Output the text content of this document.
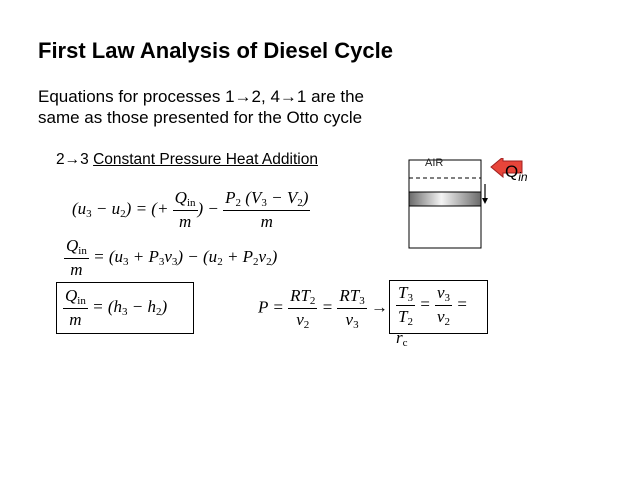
First Law Analysis of Diesel Cycle
Equations for processes 1→2, 4→1 are the
same as those presented for the Otto cycle
2→3 Constant Pressure Heat Addition	AIR	$Q_{in}$
$(u_3 - u_2)$ = (+ $\frac{Q_{in}}{m}$ ) − $\frac{P_2 (V_3 - V_2)}{m}$
$\frac{Q_{in}}{m} = (u_3 + P_3v_3) - (u_2 + P_2v_2)$
$\frac{Q_{in}}{m} = (h_3 - h_2)$	$P = \frac{RT_2}{v_2} = \frac{RT_3}{v_3} \to \frac{T_3}{T_2} = \frac{v_3}{v_2} = r_c$
